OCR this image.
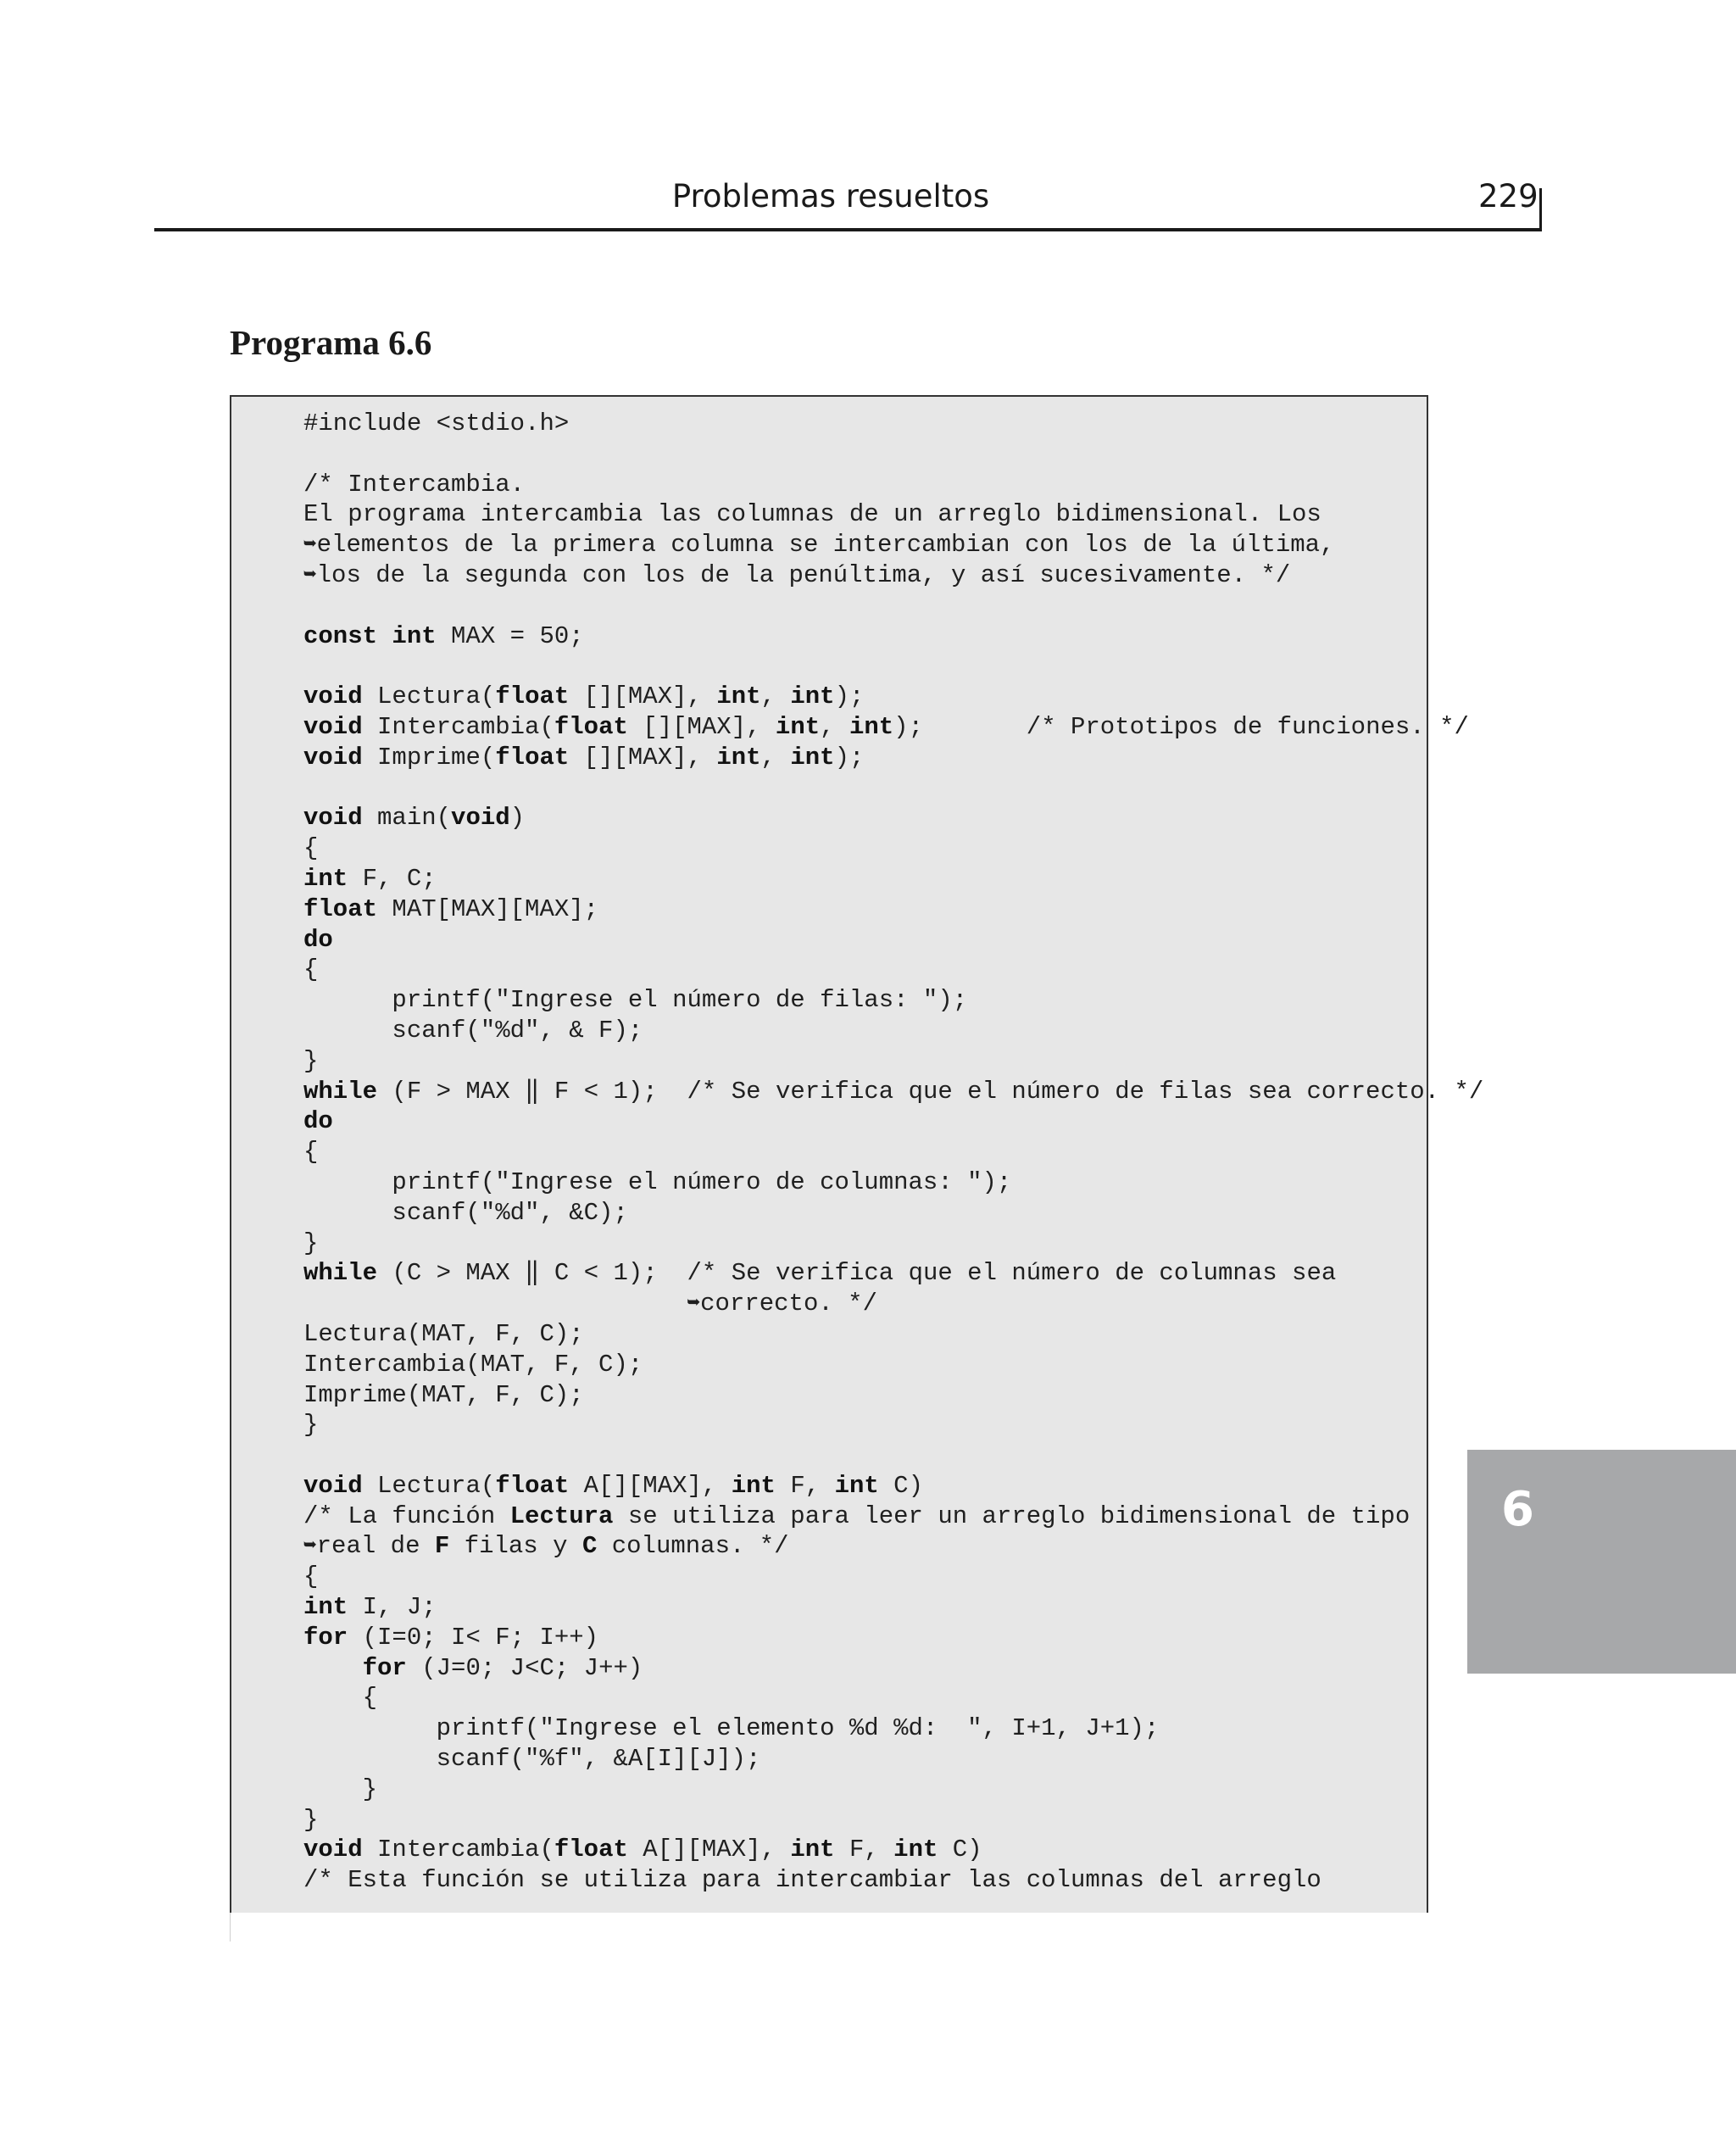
Problemas resueltos	229
Programa 6.6
#include <stdio.h>
/* Intercambia.
El programa intercambia las columnas de un arreglo bidimensional. Los
➥elementos de la primera columna se intercambian con los de la última,
➥los de la segunda con los de la penúltima, y así sucesivamente. */
const int MAX = 50;
void Lectura(float [][MAX], int, int);
void Intercambia(float [][MAX], int, int);       /* Prototipos de funciones. */
void Imprime(float [][MAX], int, int);
void main(void)
{
int F, C;
float MAT[MAX][MAX];
do
{
printf("Ingrese el número de filas: ");
scanf("%d", & F);
}
while (F > MAX ‖ F < 1);  /* Se verifica que el número de filas sea correcto. */
do
{
printf("Ingrese el número de columnas: ");
scanf("%d", &C);
}
while (C > MAX ‖ C < 1);  /* Se verifica que el número de columnas sea
➥correcto. */
Lectura(MAT, F, C);
Intercambia(MAT, F, C);
Imprime(MAT, F, C);
}
void Lectura(float A[][MAX], int F, int C)
/* La función Lectura se utiliza para leer un arreglo bidimensional de tipo
➥real de F filas y C columnas. */
{
int I, J;
for (I=0; I< F; I++)
for (J=0; J<C; J++)
{
printf("Ingrese el elemento %d %d:  ", I+1, J+1);
scanf("%f", &A[I][J]);
}
}
void Intercambia(float A[][MAX], int F, int C)
/* Esta función se utiliza para intercambiar las columnas del arreglo
6
